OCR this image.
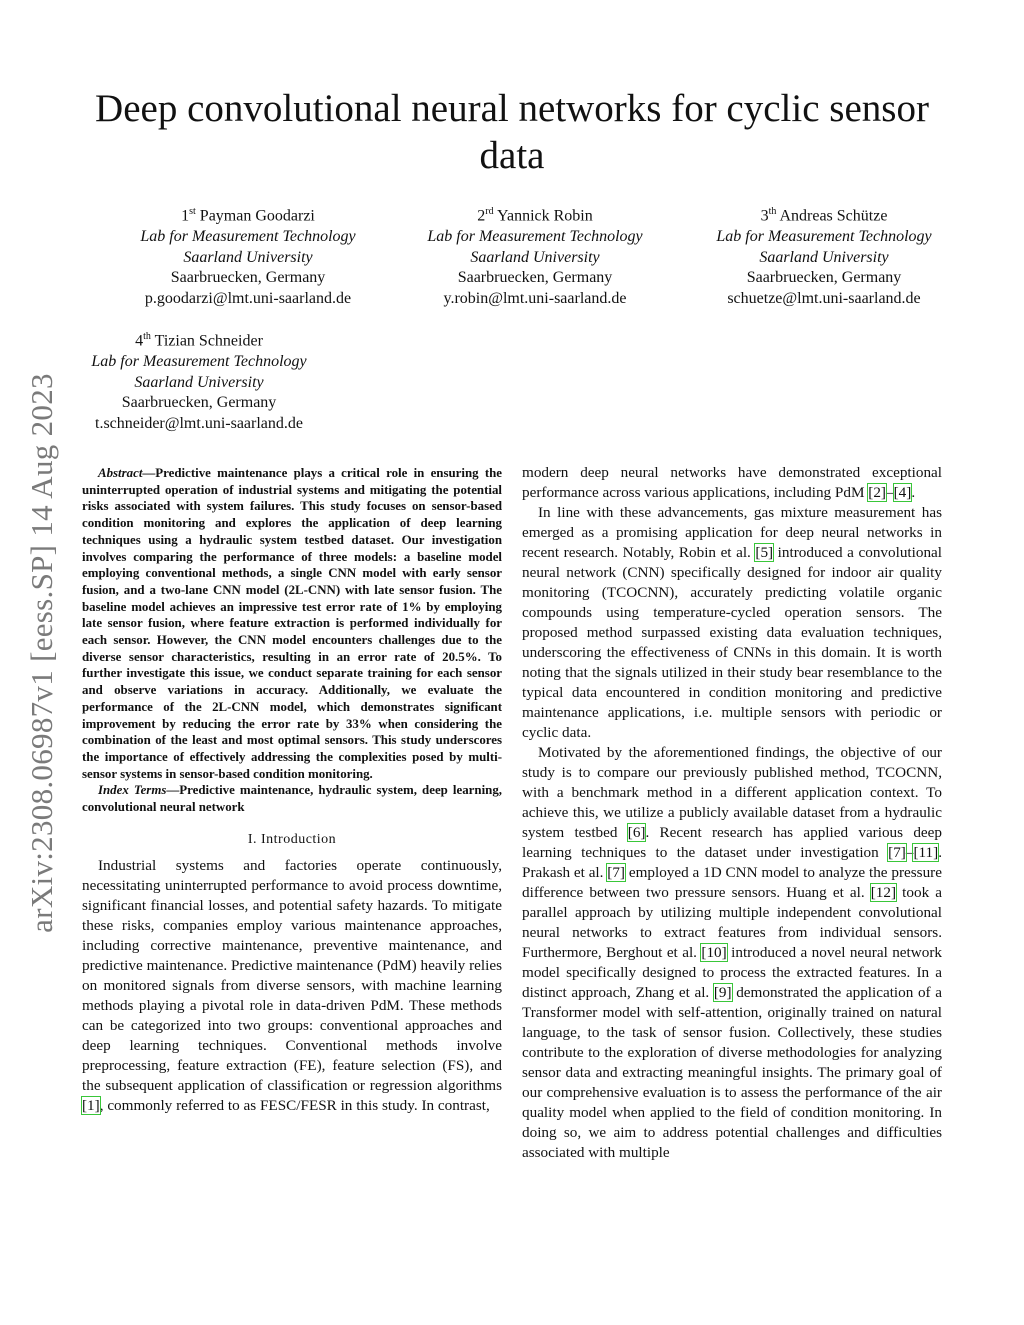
arXiv:2308.06987v1 [eess.SP] 14 Aug 2023
Deep convolutional neural networks for cyclic sensor data
1st Payman Goodarzi
Lab for Measurement Technology
Saarland University
Saarbruecken, Germany
p.goodarzi@lmt.uni-saarland.de
2rd Yannick Robin
Lab for Measurement Technology
Saarland University
Saarbruecken, Germany
y.robin@lmt.uni-saarland.de
3th Andreas Schütze
Lab for Measurement Technology
Saarland University
Saarbruecken, Germany
schuetze@lmt.uni-saarland.de
4th Tizian Schneider
Lab for Measurement Technology
Saarland University
Saarbruecken, Germany
t.schneider@lmt.uni-saarland.de

Abstract—Predictive maintenance plays a critical role in ensuring the uninterrupted operation of industrial systems and mitigating the potential risks associated with system failures. This study focuses on sensor-based condition monitoring and explores the application of deep learning techniques using a hydraulic system testbed dataset. Our investigation involves comparing the performance of three models: a baseline model employing conventional methods, a single CNN model with early sensor fusion, and a two-lane CNN model (2L-CNN) with late sensor fusion. The baseline model achieves an impressive test error rate of 1% by employing late sensor fusion, where feature extraction is performed individually for each sensor. However, the CNN model encounters challenges due to the diverse sensor characteristics, resulting in an error rate of 20.5%. To further investigate this issue, we conduct separate training for each sensor and observe variations in accuracy. Additionally, we evaluate the performance of the 2L-CNN model, which demonstrates significant improvement by reducing the error rate by 33% when considering the combination of the least and most optimal sensors. This study underscores the importance of effectively addressing the complexities posed by multi-sensor systems in sensor-based condition monitoring.

Index Terms—Predictive maintenance, hydraulic system, deep learning, convolutional neural network

I. Introduction

Industrial systems and factories operate continuously, necessitating uninterrupted performance to avoid process downtime, significant financial losses, and potential safety hazards. To mitigate these risks, companies employ various maintenance approaches, including corrective maintenance, preventive maintenance, and predictive maintenance. Predictive maintenance (PdM) heavily relies on monitored signals from diverse sensors, with machine learning methods playing a pivotal role in data-driven PdM. These methods can be categorized into two groups: conventional approaches and deep learning techniques. Conventional methods involve preprocessing, feature extraction (FE), feature selection (FS), and the subsequent application of classification or regression algorithms [1], commonly referred to as FESC/FESR in this study. In contrast,

modern deep neural networks have demonstrated exceptional performance across various applications, including PdM [2]–[4].

In line with these advancements, gas mixture measurement has emerged as a promising application for deep neural networks in recent research. Notably, Robin et al. [5] introduced a convolutional neural network (CNN) specifically designed for indoor air quality monitoring (TCOCNN), accurately predicting volatile organic compounds using temperature-cycled operation sensors. The proposed method surpassed existing data evaluation techniques, underscoring the effectiveness of CNNs in this domain. It is worth noting that the signals utilized in their study bear resemblance to the typical data encountered in condition monitoring and predictive maintenance applications, i.e. multiple sensors with periodic or cyclic data.

Motivated by the aforementioned findings, the objective of our study is to compare our previously published method, TCOCNN, with a benchmark method in a different application context. To achieve this, we utilize a publicly available dataset from a hydraulic system testbed [6]. Recent research has applied various deep learning techniques to the dataset under investigation [7]–[11]. Prakash et al. [7] employed a 1D CNN model to analyze the pressure difference between two pressure sensors. Huang et al. [12] took a parallel approach by utilizing multiple independent convolutional neural networks to extract features from individual sensors. Furthermore, Berghout et al. [10] introduced a novel neural network model specifically designed to process the extracted features. In a distinct approach, Zhang et al. [9] demonstrated the application of a Transformer model with self-attention, originally trained on natural language, to the task of sensor fusion. Collectively, these studies contribute to the exploration of diverse methodologies for analyzing sensor data and extracting meaningful insights. The primary goal of our comprehensive evaluation is to assess the performance of the air quality model when applied to the field of condition monitoring. In doing so, we aim to address potential challenges and difficulties associated with multiple
